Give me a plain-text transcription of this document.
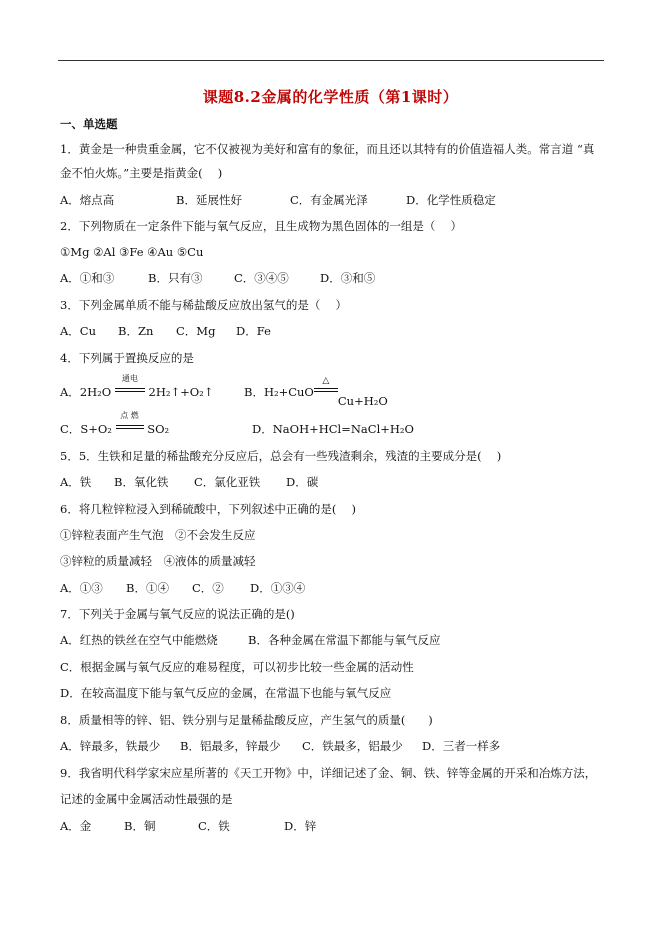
课题8.2金属的化学性质（第1课时）
一、单选题
1．黄金是一种贵重金属，它不仅被视为美好和富有的象征，而且还以其特有的价值造福人类。常言道 “真
金不怕火炼。”主要是指黄金(　 )
A．熔点高	B．延展性好	C．有金属光泽	D．化学性质稳定
2．下列物质在一定条件下能与氧气反应，且生成物为黑色固体的一组是（　 ）
①Mg ②Al ③Fe ④Au ⑤Cu
A．①和③	B．只有③	C．③④⑤	D．③和⑤
3．下列金属单质不能与稀盐酸反应放出氢气的是（　 ）
A．Cu B．Zn C．Mg D．Fe
4．下列属于置换反应的是
A．2H₂O
通电
2H₂↑+O₂↑	B．H₂+CuO
△
Cu+H₂O
C．S+O₂
点 燃
SO₂	D．NaOH+HCl=NaCl+H₂O
5．5．生铁和足量的稀盐酸充分反应后，总会有一些残渣剩余，残渣的主要成分是(　 )
A．铁 B．氧化铁 C．氯化亚铁 D．碳
6．将几粒锌粒浸入到稀硫酸中，下列叙述中正确的是(　 )
①锌粒表面产生气泡　②不会发生反应
③锌粒的质量减轻　④液体的质量减轻
A．①③ B．①④ C．② D．①③④
7．下列关于金属与氧气反应的说法正确的是()
A．红热的铁丝在空气中能燃烧	B．各种金属在常温下都能与氧气反应
C．根据金属与氧气反应的难易程度，可以初步比较一些金属的活动性
D．在较高温度下能与氧气反应的金属，在常温下也能与氧气反应
8．质量相等的锌、铝、铁分别与足量稀盐酸反应，产生氢气的质量(　　)
A．锌最多，铁最少 B．铝最多，锌最少 C．铁最多，铝最少 D．三者一样多
9．我省明代科学家宋应星所著的《天工开物》中，详细记述了金、铜、铁、锌等金属的开采和冶炼方法，
记述的金属中金属活动性最强的是
A．金	B．铜	C．铁	D．锌
